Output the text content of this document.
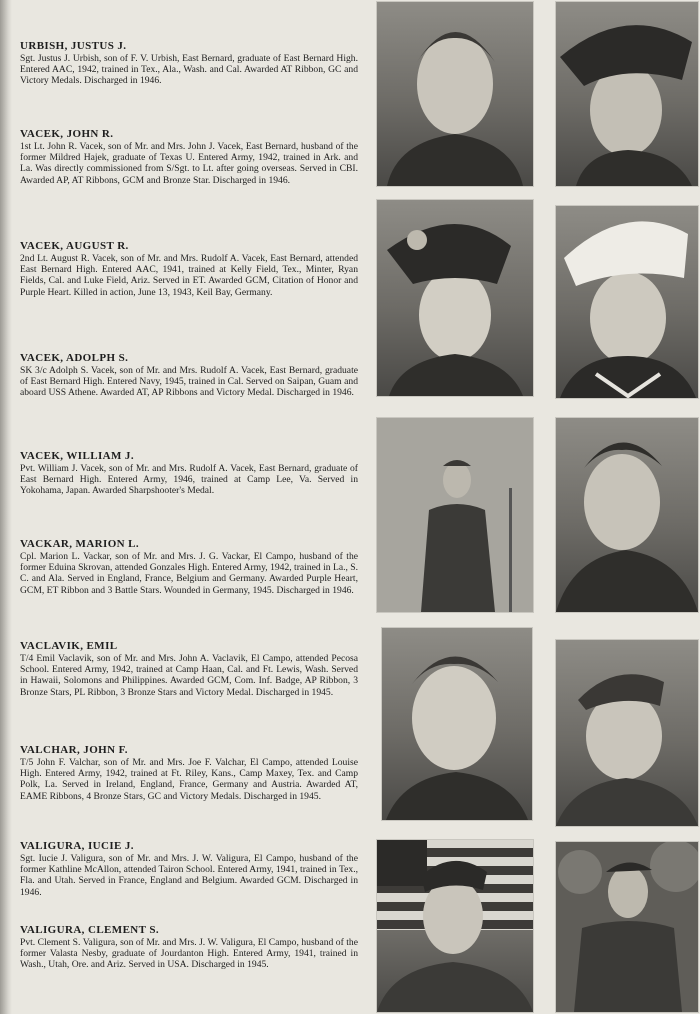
URBISH, JUSTUS J.

Sgt. Justus J. Urbish, son of F. V. Urbish, East Bernard, graduate of East Bernard High. Entered AAC, 1942, trained in Tex., Ala., Wash. and Cal. Awarded AT Ribbon, GC and Victory Medals. Discharged in 1946.

VACEK, JOHN R.

1st Lt. John R. Vacek, son of Mr. and Mrs. John J. Vacek, East Bernard, husband of the former Mildred Hajek, graduate of Texas U. Entered Army, 1942, trained in Ark. and La. Was directly commissioned from S/Sgt. to Lt. after going overseas. Served in CBI. Awarded AP, AT Ribbons, GCM and Bronze Star. Discharged in 1946.

VACEK, AUGUST R.

2nd Lt. August R. Vacek, son of Mr. and Mrs. Rudolf A. Vacek, East Bernard, attended East Bernard High. Entered AAC, 1941, trained at Kelly Field, Tex., Minter, Ryan Fields, Cal. and Luke Field, Ariz. Served in ET. Awarded GCM, Citation of Honor and Purple Heart. Killed in action, June 13, 1943, Keil Bay, Germany.

VACEK, ADOLPH S.

SK 3/c Adolph S. Vacek, son of Mr. and Mrs. Rudolf A. Vacek, East Bernard, graduate of East Bernard High. Entered Navy, 1945, trained in Cal. Served on Saipan, Guam and aboard USS Athene. Awarded AT, AP Ribbons and Victory Medal. Discharged in 1946.

VACEK, WILLIAM J.

Pvt. William J. Vacek, son of Mr. and Mrs. Rudolf A. Vacek, East Bernard, graduate of East Bernard High. Entered Army, 1946, trained at Camp Lee, Va. Served in Yokohama, Japan. Awarded Sharpshooter's Medal.

VACKAR, MARION L.

Cpl. Marion L. Vackar, son of Mr. and Mrs. J. G. Vackar, El Campo, husband of the former Eduina Skrovan, attended Gonzales High. Entered Army, 1942, trained in La., S. C. and Ala. Served in England, France, Belgium and Germany. Awarded Purple Heart, GCM, ET Ribbon and 3 Battle Stars. Wounded in Germany, 1945. Discharged in 1946.

VACLAVIK, EMIL

T/4 Emil Vaclavik, son of Mr. and Mrs. John A. Vaclavik, El Campo, attended Pecosa School. Entered Army, 1942, trained at Camp Haan, Cal. and Ft. Lewis, Wash. Served in Hawaii, Solomons and Philippines. Awarded GCM, Com. Inf. Badge, AP Ribbon, 3 Bronze Stars, PL Ribbon, 3 Bronze Stars and Victory Medal. Discharged in 1945.

VALCHAR, JOHN F.

T/5 John F. Valchar, son of Mr. and Mrs. Joe F. Valchar, El Campo, attended Louise High. Entered Army, 1942, trained at Ft. Riley, Kans., Camp Maxey, Tex. and Camp Polk, La. Served in Ireland, England, France, Germany and Austria. Awarded AT, EAME Ribbons, 4 Bronze Stars, GC and Victory Medals. Discharged in 1945.

VALIGURA, IUCIE J.

Sgt. Iucie J. Valigura, son of Mr. and Mrs. J. W. Valigura, El Campo, husband of the former Kathline McAllon, attended Tairon School. Entered Army, 1941, trained in Tex., Fla. and Utah. Served in France, England and Belgium. Awarded GCM. Discharged in 1946.

VALIGURA, CLEMENT S.

Pvt. Clement S. Valigura, son of Mr. and Mrs. J. W. Valigura, El Campo, husband of the former Valasta Nesby, graduate of Jourdanton High. Entered Army, 1941, trained in Wash., Utah, Ore. and Ariz. Served in USA. Discharged in 1945.
